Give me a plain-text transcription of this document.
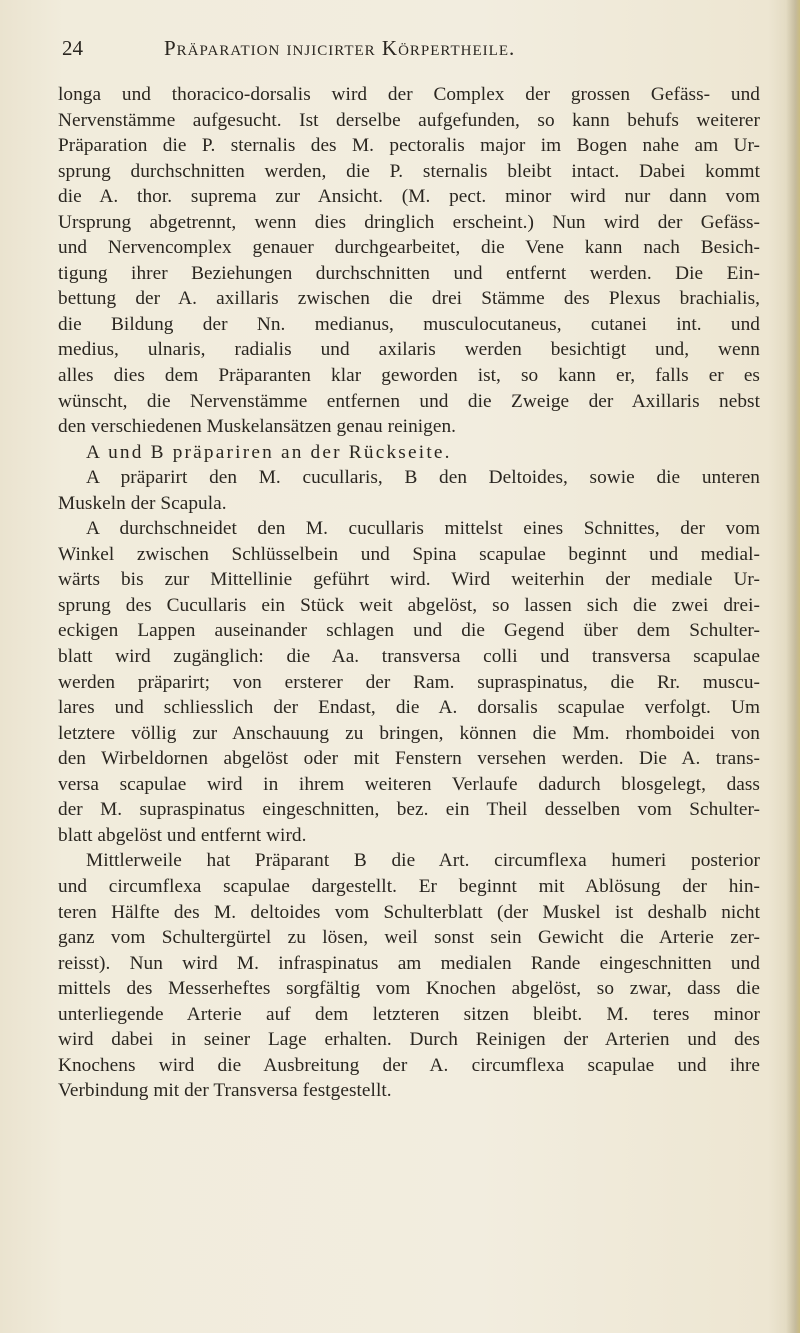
24	Präparation injicirter Körpertheile.
longa und thoracico-dorsalis wird der Complex der grossen Gefäss- und
Nervenstämme aufgesucht. Ist derselbe aufgefunden, so kann behufs weiterer
Präparation die P. sternalis des M. pectoralis major im Bogen nahe am Ur-
sprung durchschnitten werden, die P. sternalis bleibt intact. Dabei kommt
die A. thor. suprema zur Ansicht. (M. pect. minor wird nur dann vom
Ursprung abgetrennt, wenn dies dringlich erscheint.) Nun wird der Gefäss-
und Nervencomplex genauer durchgearbeitet, die Vene kann nach Besich-
tigung ihrer Beziehungen durchschnitten und entfernt werden. Die Ein-
bettung der A. axillaris zwischen die drei Stämme des Plexus brachialis,
die Bildung der Nn. medianus, musculocutaneus, cutanei int. und
medius, ulnaris, radialis und axilaris werden besichtigt und, wenn
alles dies dem Präparanten klar geworden ist, so kann er, falls er es
wünscht, die Nervenstämme entfernen und die Zweige der Axillaris nebst
den verschiedenen Muskelansätzen genau reinigen.
A und B präpariren an der Rückseite.
A präparirt den M. cucullaris, B den Deltoides, sowie die unteren
Muskeln der Scapula.
A durchschneidet den M. cucullaris mittelst eines Schnittes, der vom
Winkel zwischen Schlüsselbein und Spina scapulae beginnt und medial-
wärts bis zur Mittellinie geführt wird. Wird weiterhin der mediale Ur-
sprung des Cucullaris ein Stück weit abgelöst, so lassen sich die zwei drei-
eckigen Lappen auseinander schlagen und die Gegend über dem Schulter-
blatt wird zugänglich: die Aa. transversa colli und transversa scapulae
werden präparirt; von ersterer der Ram. supraspinatus, die Rr. muscu-
lares und schliesslich der Endast, die A. dorsalis scapulae verfolgt. Um
letztere völlig zur Anschauung zu bringen, können die Mm. rhomboidei von
den Wirbeldornen abgelöst oder mit Fenstern versehen werden. Die A. trans-
versa scapulae wird in ihrem weiteren Verlaufe dadurch blosgelegt, dass
der M. supraspinatus eingeschnitten, bez. ein Theil desselben vom Schulter-
blatt abgelöst und entfernt wird.
Mittlerweile hat Präparant B die Art. circumflexa humeri posterior
und circumflexa scapulae dargestellt. Er beginnt mit Ablösung der hin-
teren Hälfte des M. deltoides vom Schulterblatt (der Muskel ist deshalb nicht
ganz vom Schultergürtel zu lösen, weil sonst sein Gewicht die Arterie zer-
reisst). Nun wird M. infraspinatus am medialen Rande eingeschnitten und
mittels des Messerheftes sorgfältig vom Knochen abgelöst, so zwar, dass die
unterliegende Arterie auf dem letzteren sitzen bleibt. M. teres minor
wird dabei in seiner Lage erhalten. Durch Reinigen der Arterien und des
Knochens wird die Ausbreitung der A. circumflexa scapulae und ihre
Verbindung mit der Transversa festgestellt.
